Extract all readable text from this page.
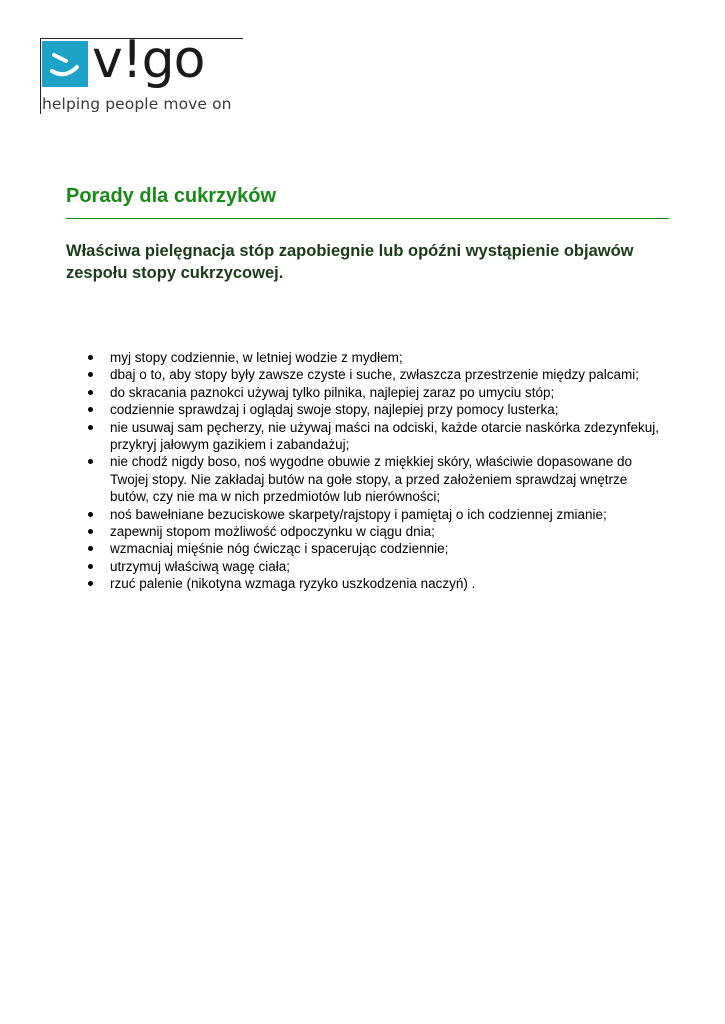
v!go
helping people move on
Porady dla cukrzyków
Właściwa pielęgnacja stóp zapobiegnie lub opóźni wystąpienie objawów zespołu stopy cukrzycowej.
myj stopy codziennie, w letniej wodzie z mydłem;
dbaj o to, aby stopy były zawsze czyste i suche, zwłaszcza przestrzenie między palcami;
do skracania paznokci używaj tylko pilnika, najlepiej zaraz po umyciu stóp;
codziennie sprawdzaj i oglądaj swoje stopy, najlepiej przy pomocy lusterka;
nie usuwaj sam pęcherzy, nie używaj maści na odciski, każde otarcie naskórka zdezynfekuj, przykryj jałowym gazikiem i zabandażuj;
nie chodź nigdy boso, noś wygodne obuwie z miękkiej skóry, właściwie dopasowane do Twojej stopy. Nie zakładaj butów na gołe stopy, a przed założeniem sprawdzaj wnętrze butów, czy nie ma w nich przedmiotów lub nierówności;
noś bawełniane bezuciskowe skarpety/rajstopy i pamiętaj o ich codziennej zmianie;
zapewnij stopom możliwość odpoczynku w ciągu dnia;
wzmacniaj mięśnie nóg ćwicząc i spacerując codziennie;
utrzymuj właściwą wagę ciała;
rzuć palenie (nikotyna wzmaga ryzyko uszkodzenia naczyń) .
